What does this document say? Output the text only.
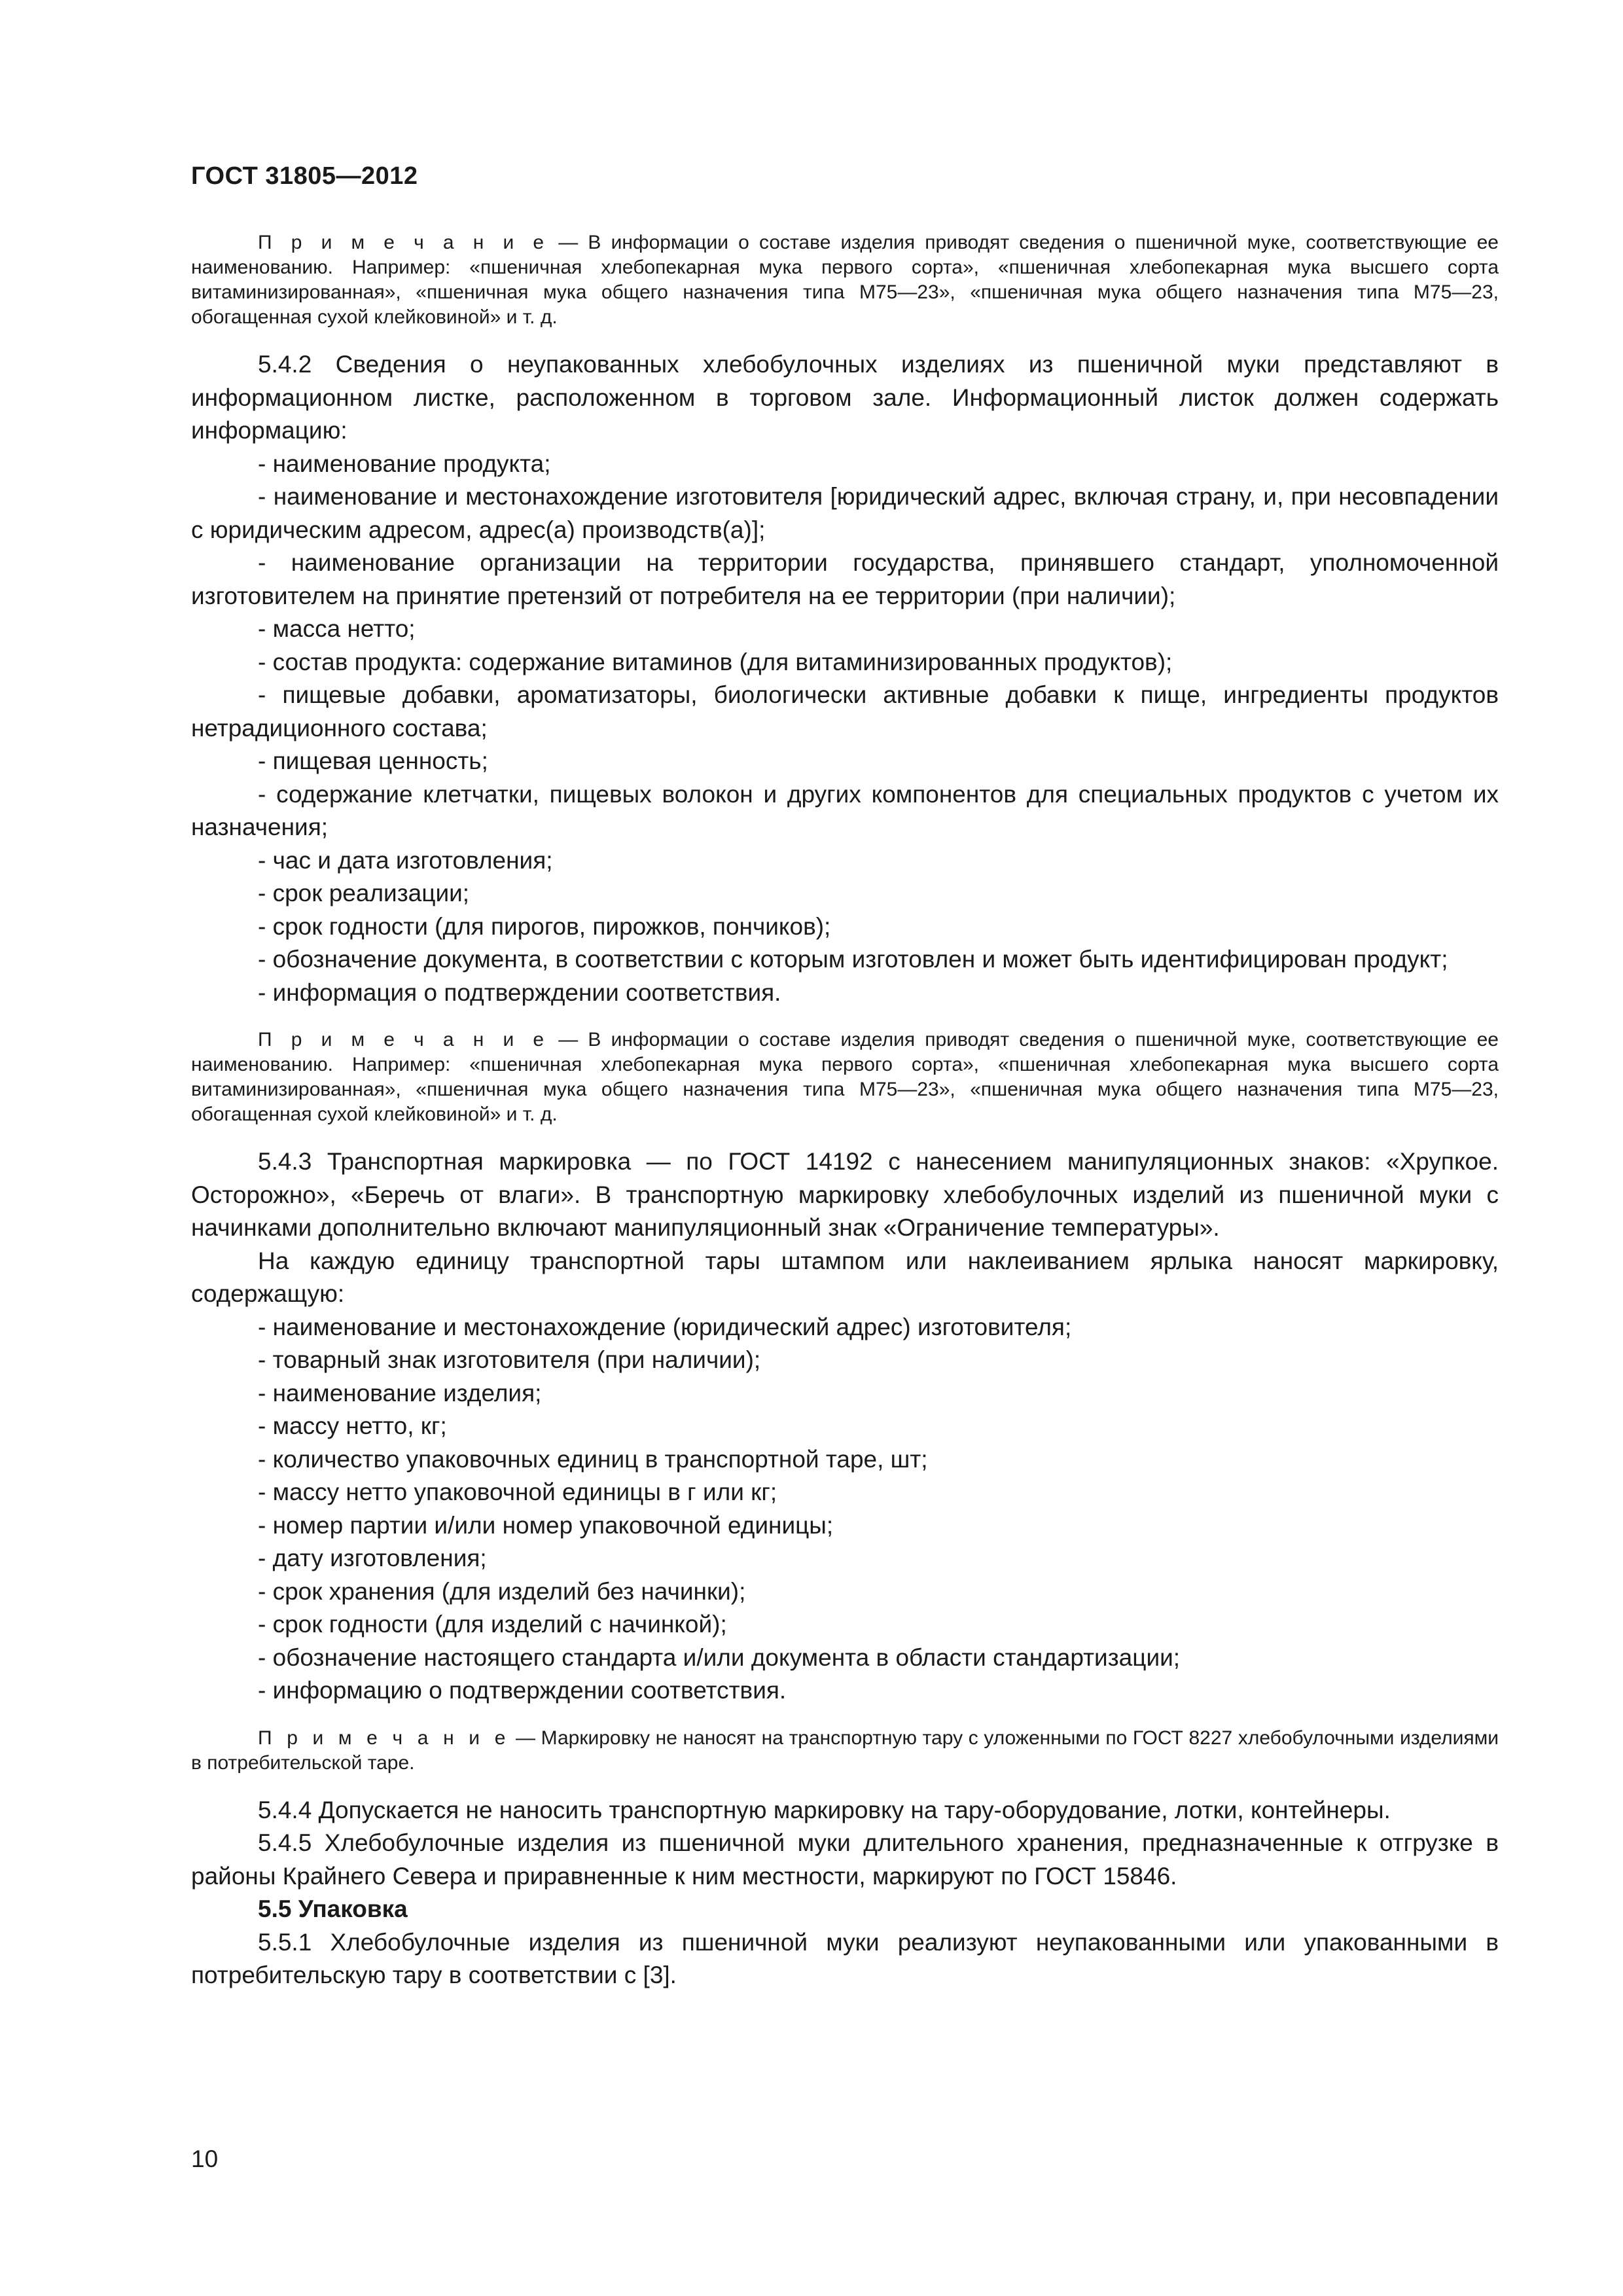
ГОСТ 31805—2012

П р и м е ч а н и е — В информации о составе изделия приводят сведения о пшеничной муке, соответствующие ее наименованию. Например: «пшеничная хлебопекарная мука первого сорта», «пшеничная хлебопекарная мука высшего сорта витаминизированная», «пшеничная мука общего назначения типа М75—23», «пшеничная мука общего назначения типа М75—23, обогащенная сухой клейковиной» и т. д.

5.4.2 Сведения о неупакованных хлебобулочных изделиях из пшеничной муки представляют в информационном листке, расположенном в торговом зале. Информационный листок должен содержать информацию:

- наименование продукта;
- наименование и местонахождение изготовителя [юридический адрес, включая страну, и, при несовпадении с юридическим адресом, адрес(а) производств(а)];
- наименование организации на территории государства, принявшего стандарт, уполномоченной изготовителем на принятие претензий от потребителя на ее территории (при наличии);
- масса нетто;
- состав продукта: содержание витаминов (для витаминизированных продуктов);
- пищевые добавки, ароматизаторы, биологически активные добавки к пище, ингредиенты продуктов нетрадиционного состава;
- пищевая ценность;
- содержание клетчатки, пищевых волокон и других компонентов для специальных продуктов с учетом их назначения;
- час и дата изготовления;
- срок реализации;
- срок годности (для пирогов, пирожков, пончиков);
- обозначение документа, в соответствии с которым изготовлен и может быть идентифицирован продукт;
- информация о подтверждении соответствия.

П р и м е ч а н и е — В информации о составе изделия приводят сведения о пшеничной муке, соответствующие ее наименованию. Например: «пшеничная хлебопекарная мука первого сорта», «пшеничная хлебопекарная мука высшего сорта витаминизированная», «пшеничная мука общего назначения типа М75—23», «пшеничная мука общего назначения типа М75—23, обогащенная сухой клейковиной» и т. д.

5.4.3 Транспортная маркировка — по ГОСТ 14192 с нанесением манипуляционных знаков: «Хрупкое. Осторожно», «Беречь от влаги». В транспортную маркировку хлебобулочных изделий из пшеничной муки с начинками дополнительно включают манипуляционный знак «Ограничение температуры».

На каждую единицу транспортной тары штампом или наклеиванием ярлыка наносят маркировку, содержащую:

- наименование и местонахождение (юридический адрес) изготовителя;
- товарный знак изготовителя (при наличии);
- наименование изделия;
- массу нетто, кг;
- количество упаковочных единиц в транспортной таре, шт;
- массу нетто упаковочной единицы в г или кг;
- номер партии и/или номер упаковочной единицы;
- дату изготовления;
- срок хранения (для изделий без начинки);
- срок годности (для изделий с начинкой);
- обозначение настоящего стандарта и/или документа в области стандартизации;
- информацию о подтверждении соответствия.

П р и м е ч а н и е — Маркировку не наносят на транспортную тару с уложенными по ГОСТ 8227 хлебобулочными изделиями в потребительской таре.

5.4.4 Допускается не наносить транспортную маркировку на тару-оборудование, лотки, контейнеры.

5.4.5 Хлебобулочные изделия из пшеничной муки длительного хранения, предназначенные к отгрузке в районы Крайнего Севера и приравненные к ним местности, маркируют по ГОСТ 15846.

5.5 Упаковка

5.5.1 Хлебобулочные изделия из пшеничной муки реализуют неупакованными или упакованными в потребительскую тару в соответствии с [3].

10
